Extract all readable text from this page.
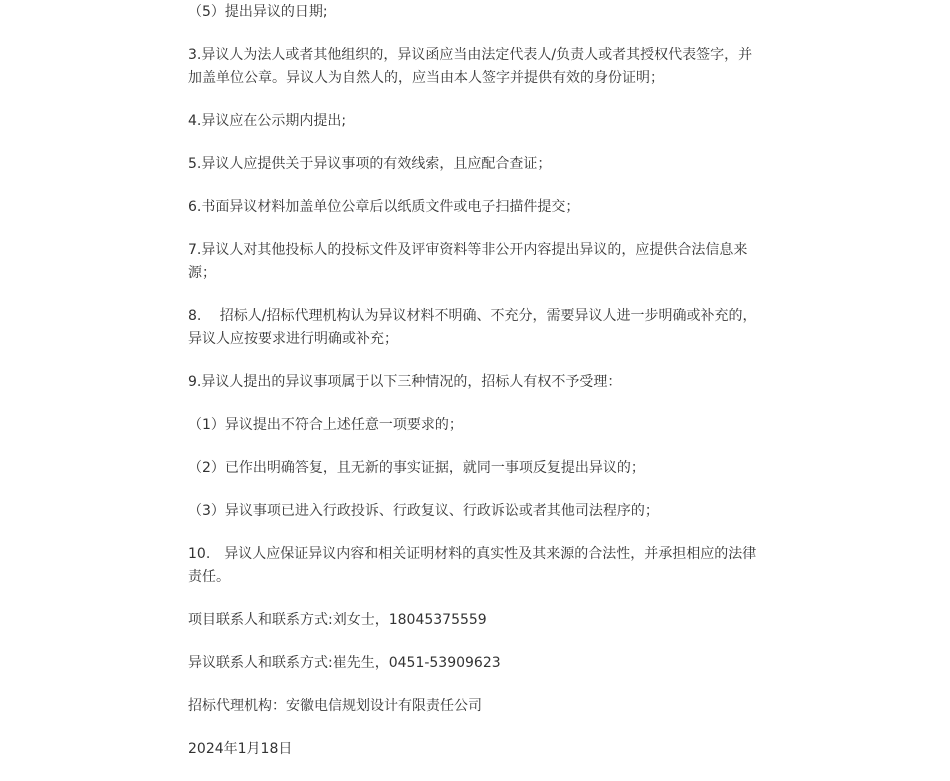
（5）提出异议的日期;

3.异议人为法人或者其他组织的，异议函应当由法定代表人/负责人或者其授权代表签字，并加盖单位公章。异议人为自然人的，应当由本人签字并提供有效的身份证明；

4.异议应在公示期内提出;

5.异议人应提供关于异议事项的有效线索，且应配合查证；

6.书面异议材料加盖单位公章后以纸质文件或电子扫描件提交；

7.异议人对其他投标人的投标文件及评审资料等非公开内容提出异议的，应提供合法信息来源；

8.　 招标人/招标代理机构认为异议材料不明确、不充分，需要异议人进一步明确或补充的，异议人应按要求进行明确或补充；

9.异议人提出的异议事项属于以下三种情况的，招标人有权不予受理：

（1）异议提出不符合上述任意一项要求的；

（2）已作出明确答复，且无新的事实证据，就同一事项反复提出异议的；

（3）异议事项已进入行政投诉、行政复议、行政诉讼或者其他司法程序的；

10.　异议人应保证异议内容和相关证明材料的真实性及其来源的合法性，并承担相应的法律责任。

项目联系人和联系方式:刘女士，18045375559

异议联系人和联系方式:崔先生，0451-53909623

招标代理机构：安徽电信规划设计有限责任公司

2024年1月18日
